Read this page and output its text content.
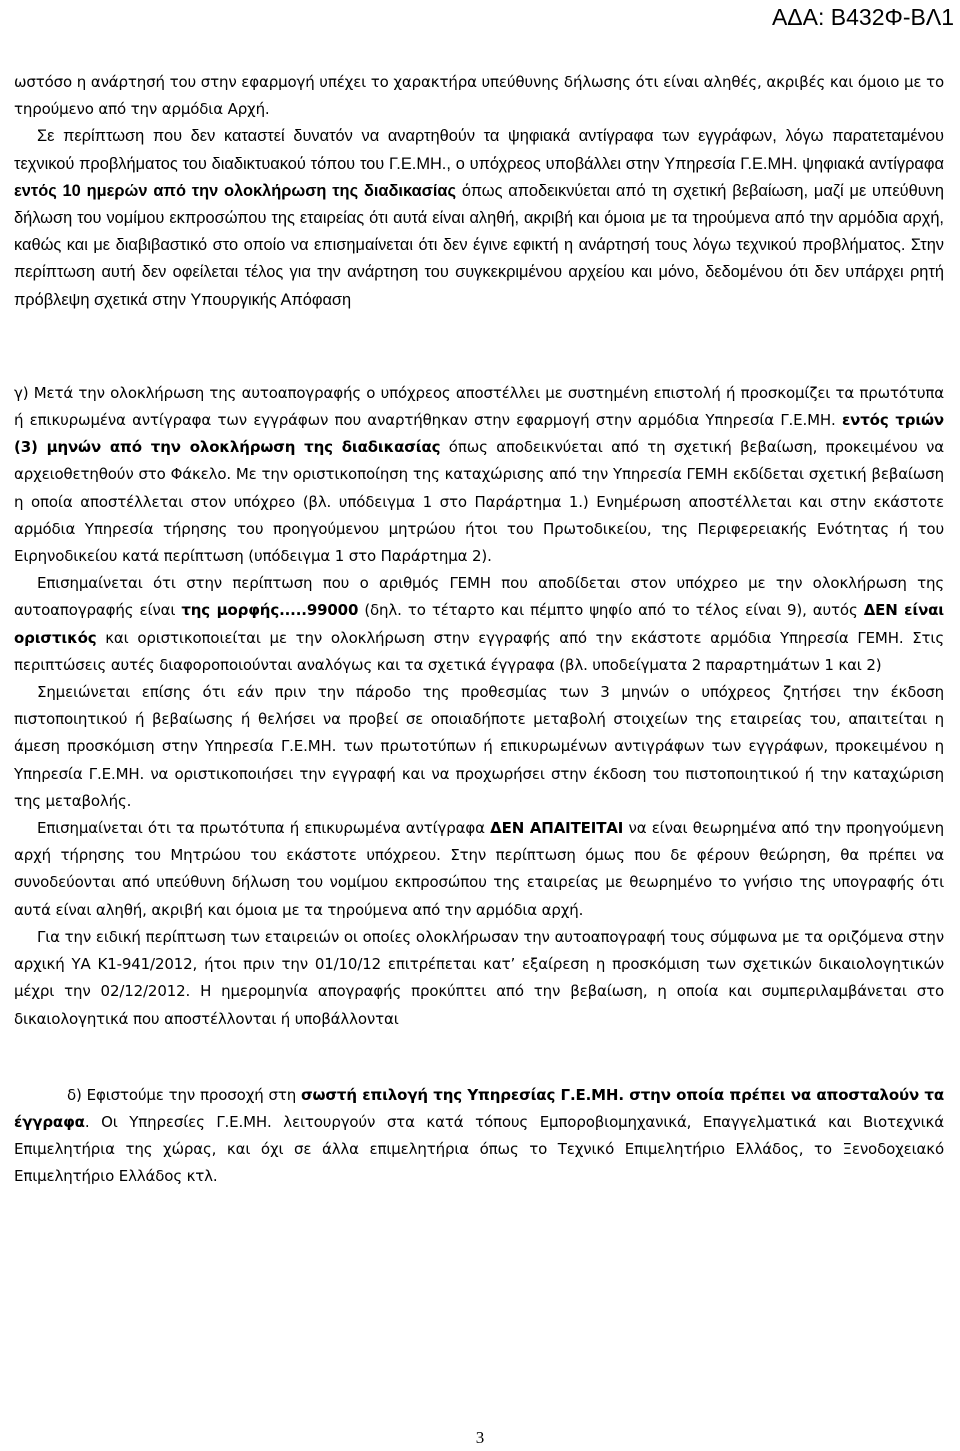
ΑΔΑ: Β432Φ-ΒΛ1

ωστόσο η ανάρτησή του στην εφαρμογή υπέχει το χαρακτήρα υπεύθυνης δήλωσης ότι είναι αληθές, ακριβές και όμοιο με το τηρούμενο από την αρμόδια Αρχή.

Σε περίπτωση που δεν καταστεί δυνατόν να αναρτηθούν τα ψηφιακά αντίγραφα των εγγράφων, λόγω παρατεταμένου τεχνικού προβλήματος του διαδικτυακού τόπου του Γ.Ε.ΜΗ., ο υπόχρεος υποβάλλει στην Υπηρεσία Γ.Ε.ΜΗ. ψηφιακά αντίγραφα εντός 10 ημερών από την ολοκλήρωση της διαδικασίας όπως αποδεικνύεται από τη σχετική βεβαίωση, μαζί με υπεύθυνη δήλωση του νομίμου εκπροσώπου της εταιρείας ότι αυτά είναι αληθή, ακριβή και όμοια με τα τηρούμενα από την αρμόδια αρχή, καθώς και με διαβιβαστικό στο οποίο να επισημαίνεται ότι δεν έγινε εφικτή η ανάρτησή τους λόγω τεχνικού προβλήματος. Στην περίπτωση αυτή δεν οφείλεται τέλος για την ανάρτηση του συγκεκριμένου αρχείου και μόνο, δεδομένου ότι δεν υπάρχει ρητή πρόβλεψη σχετικά στην Υπουργικής Απόφαση

γ) Μετά την ολοκλήρωση της αυτοαπογραφής ο υπόχρεος αποστέλλει με συστημένη επιστολή ή προσκομίζει τα πρωτότυπα ή επικυρωμένα αντίγραφα των εγγράφων που αναρτήθηκαν στην εφαρμογή στην αρμόδια Υπηρεσία Γ.Ε.ΜΗ. εντός τριών (3) μηνών από την ολοκλήρωση της διαδικασίας όπως αποδεικνύεται από τη σχετική βεβαίωση, προκειμένου να αρχειοθετηθούν στο Φάκελο. Με την οριστικοποίηση της καταχώρισης από την Υπηρεσία ΓΕΜΗ εκδίδεται σχετική βεβαίωση η οποία αποστέλλεται στον υπόχρεο (βλ. υπόδειγμα 1 στο Παράρτημα 1.) Ενημέρωση αποστέλλεται και στην εκάστοτε αρμόδια Υπηρεσία τήρησης του προηγούμενου μητρώου ήτοι του Πρωτοδικείου, της Περιφερειακής Ενότητας ή του Ειρηνοδικείου κατά περίπτωση (υπόδειγμα 1 στο Παράρτημα 2).

Επισημαίνεται ότι στην περίπτωση που ο αριθμός ΓΕΜΗ που αποδίδεται στον υπόχρεο με την ολοκλήρωση της αυτοαπογραφής είναι της μορφής.....99000 (δηλ. το τέταρτο και πέμπτο ψηφίο από το τέλος είναι 9), αυτός ΔΕΝ είναι οριστικός και οριστικοποιείται με την ολοκλήρωση στην εγγραφής από την εκάστοτε αρμόδια Υπηρεσία ΓΕΜΗ. Στις περιπτώσεις αυτές διαφοροποιούνται αναλόγως και τα σχετικά έγγραφα (βλ. υποδείγματα 2 παραρτημάτων 1 και 2)

Σημειώνεται επίσης ότι εάν πριν την πάροδο της προθεσμίας των 3 μηνών ο υπόχρεος ζητήσει την έκδοση πιστοποιητικού ή βεβαίωσης ή θελήσει να προβεί σε οποιαδήποτε μεταβολή στοιχείων της εταιρείας του, απαιτείται η άμεση προσκόμιση στην Υπηρεσία Γ.Ε.ΜΗ. των πρωτοτύπων ή επικυρωμένων αντιγράφων των εγγράφων, προκειμένου η Υπηρεσία Γ.Ε.ΜΗ. να οριστικοποιήσει την εγγραφή και να προχωρήσει στην έκδοση του πιστοποιητικού ή την καταχώριση της μεταβολής.

Επισημαίνεται ότι τα πρωτότυπα ή επικυρωμένα αντίγραφα ΔΕΝ ΑΠΑΙΤΕΙΤΑΙ να είναι θεωρημένα από την προηγούμενη αρχή τήρησης του Μητρώου του εκάστοτε υπόχρεου. Στην περίπτωση όμως που δε φέρουν θεώρηση, θα πρέπει να συνοδεύονται από υπεύθυνη δήλωση του νομίμου εκπροσώπου της εταιρείας με θεωρημένο το γνήσιο της υπογραφής ότι αυτά είναι αληθή, ακριβή και όμοια με τα τηρούμενα από την αρμόδια αρχή.

Για την ειδική περίπτωση των εταιρειών οι οποίες ολοκλήρωσαν την αυτοαπογραφή τους σύμφωνα με τα οριζόμενα στην αρχική ΥΑ Κ1-941/2012, ήτοι πριν την 01/10/12 επιτρέπεται κατ’ εξαίρεση η προσκόμιση των σχετικών δικαιολογητικών μέχρι την 02/12/2012. Η ημερομηνία απογραφής προκύπτει από την βεβαίωση, η οποία και συμπεριλαμβάνεται στο δικαιολογητικά που αποστέλλονται ή υποβάλλονται

δ) Εφιστούμε την προσοχή στη σωστή επιλογή της Υπηρεσίας Γ.Ε.ΜΗ. στην οποία πρέπει να αποσταλούν τα έγγραφα. Οι Υπηρεσίες Γ.Ε.ΜΗ. λειτουργούν στα κατά τόπους Εμποροβιομηχανικά, Επαγγελματικά και Βιοτεχνικά Επιμελητήρια της χώρας, και όχι σε άλλα επιμελητήρια όπως το Τεχνικό Επιμελητήριο Ελλάδος, το Ξενοδοχειακό Επιμελητήριο Ελλάδος κτλ.

3
